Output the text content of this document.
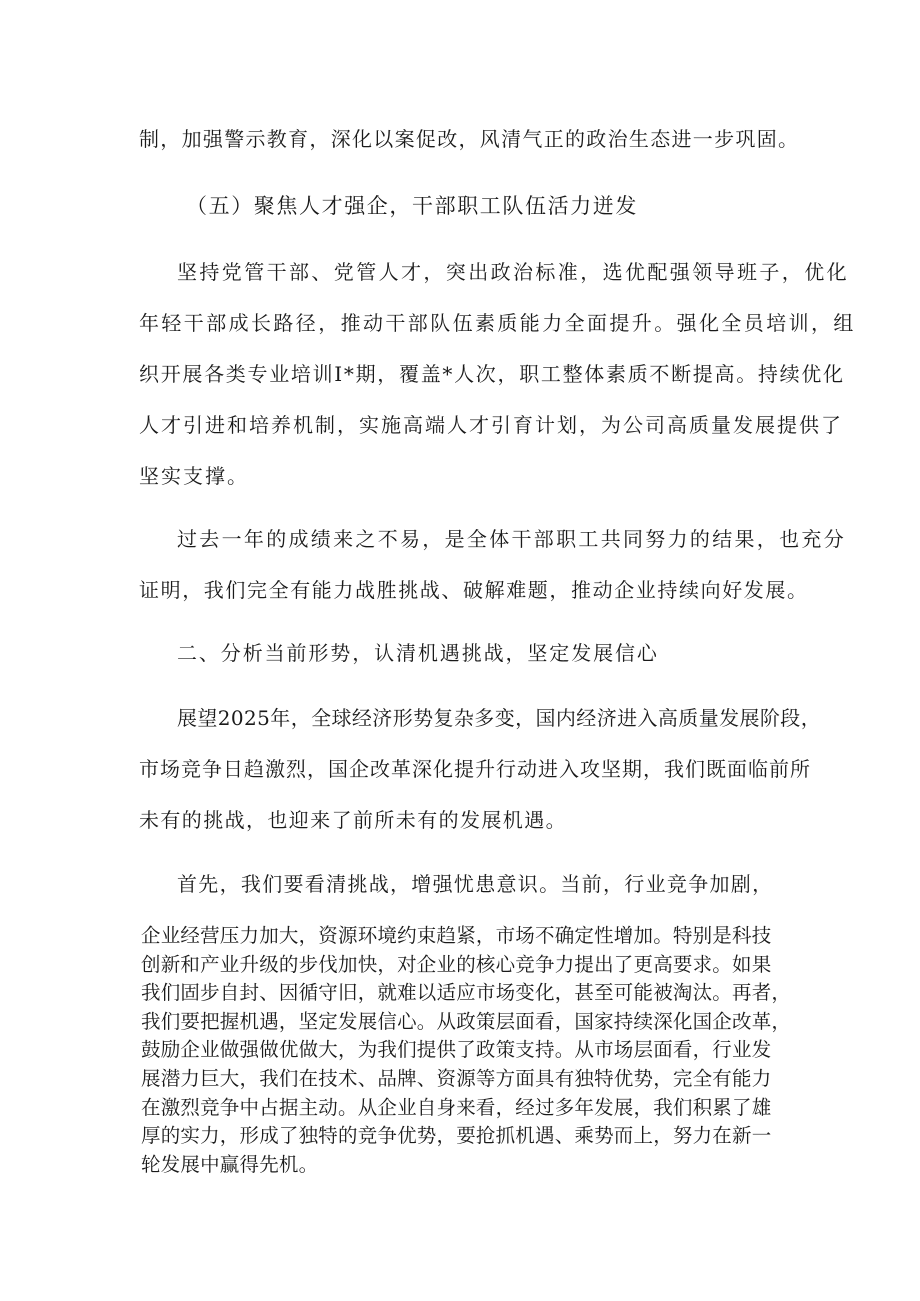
制，加强警示教育，深化以案促改，风清气正的政治生态进一步巩固。

（五）聚焦人才强企，干部职工队伍活力迸发

坚持党管干部、党管人才，突出政治标准，选优配强领导班子，优化

年轻干部成长路径，推动干部队伍素质能力全面提升。强化全员培训，组

织开展各类专业培训I*期，覆盖*人次，职工整体素质不断提高。持续优化

人才引进和培养机制，实施高端人才引育计划，为公司高质量发展提供了

坚实支撑。

过去一年的成绩来之不易，是全体干部职工共同努力的结果，也充分

证明，我们完全有能力战胜挑战、破解难题，推动企业持续向好发展。

二、分析当前形势，认清机遇挑战，坚定发展信心

展望2025年，全球经济形势复杂多变，国内经济进入高质量发展阶段，

市场竞争日趋激烈，国企改革深化提升行动进入攻坚期，我们既面临前所

未有的挑战，也迎来了前所未有的发展机遇。

首先，我们要看清挑战，增强忧患意识。当前，行业竞争加剧，

企业经营压力加大，资源环境约束趋紧，市场不确定性增加。特别是科技
创新和产业升级的步伐加快，对企业的核心竞争力提出了更高要求。如果
我们固步自封、因循守旧，就难以适应市场变化，甚至可能被淘汰。再者，
我们要把握机遇，坚定发展信心。从政策层面看，国家持续深化国企改革，
鼓励企业做强做优做大，为我们提供了政策支持。从市场层面看，行业发
展潜力巨大，我们在技术、品牌、资源等方面具有独特优势，完全有能力
在激烈竞争中占据主动。从企业自身来看，经过多年发展，我们积累了雄
厚的实力，形成了独特的竞争优势，要抢抓机遇、乘势而上，努力在新一
轮发展中赢得先机。
